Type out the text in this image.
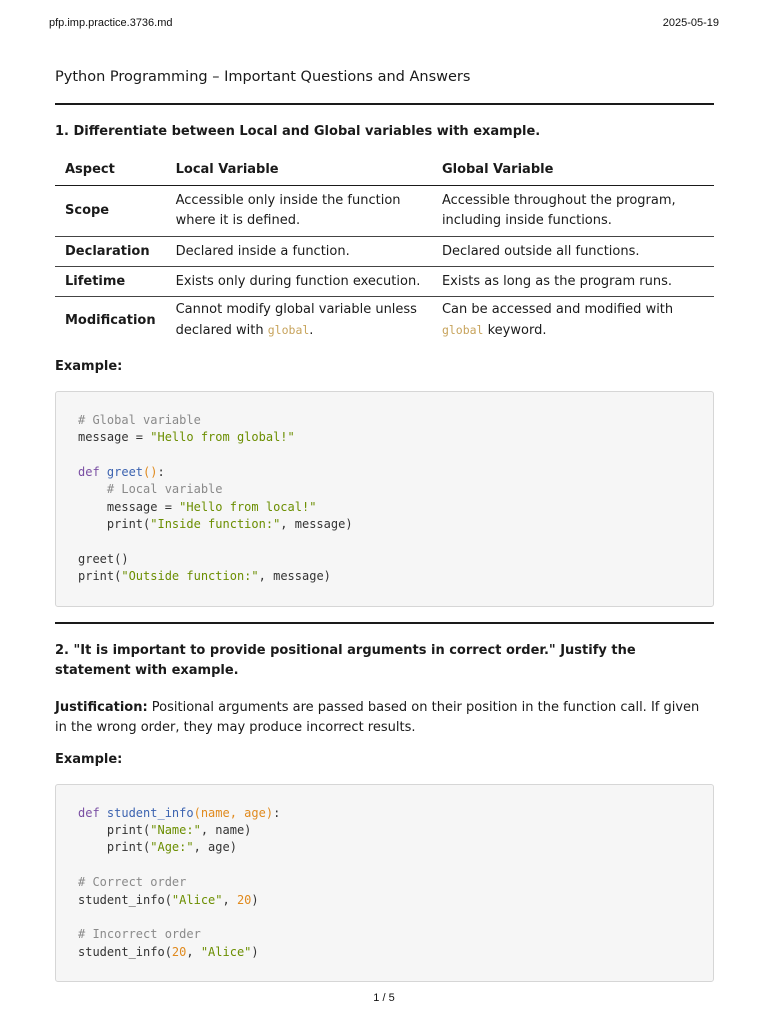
pfp.imp.practice.3736.md	2025-05-19
Python Programming – Important Questions and Answers

1. Differentiate between Local and Global variables with example.

Aspect	Local Variable	Global Variable
Scope	Accessible only inside the function where it is defined.	Accessible throughout the program, including inside functions.
Declaration	Declared inside a function.	Declared outside all functions.
Lifetime	Exists only during function execution.	Exists as long as the program runs.
Modification	Cannot modify global variable unless declared with global.	Can be accessed and modified with global keyword.

Example:

# Global variable
message = "Hello from global!"

def greet():
# Local variable
message = "Hello from local!"
print("Inside function:", message)

greet()
print("Outside function:", message)

2. "It is important to provide positional arguments in correct order." Justify the statement with example.

Justification: Positional arguments are passed based on their position in the function call. If given in the wrong order, they may produce incorrect results.

Example:

def student_info(name, age):
print("Name:", name)
print("Age:", age)

# Correct order
student_info("Alice", 20)

# Incorrect order
student_info(20, "Alice")
1 / 5
